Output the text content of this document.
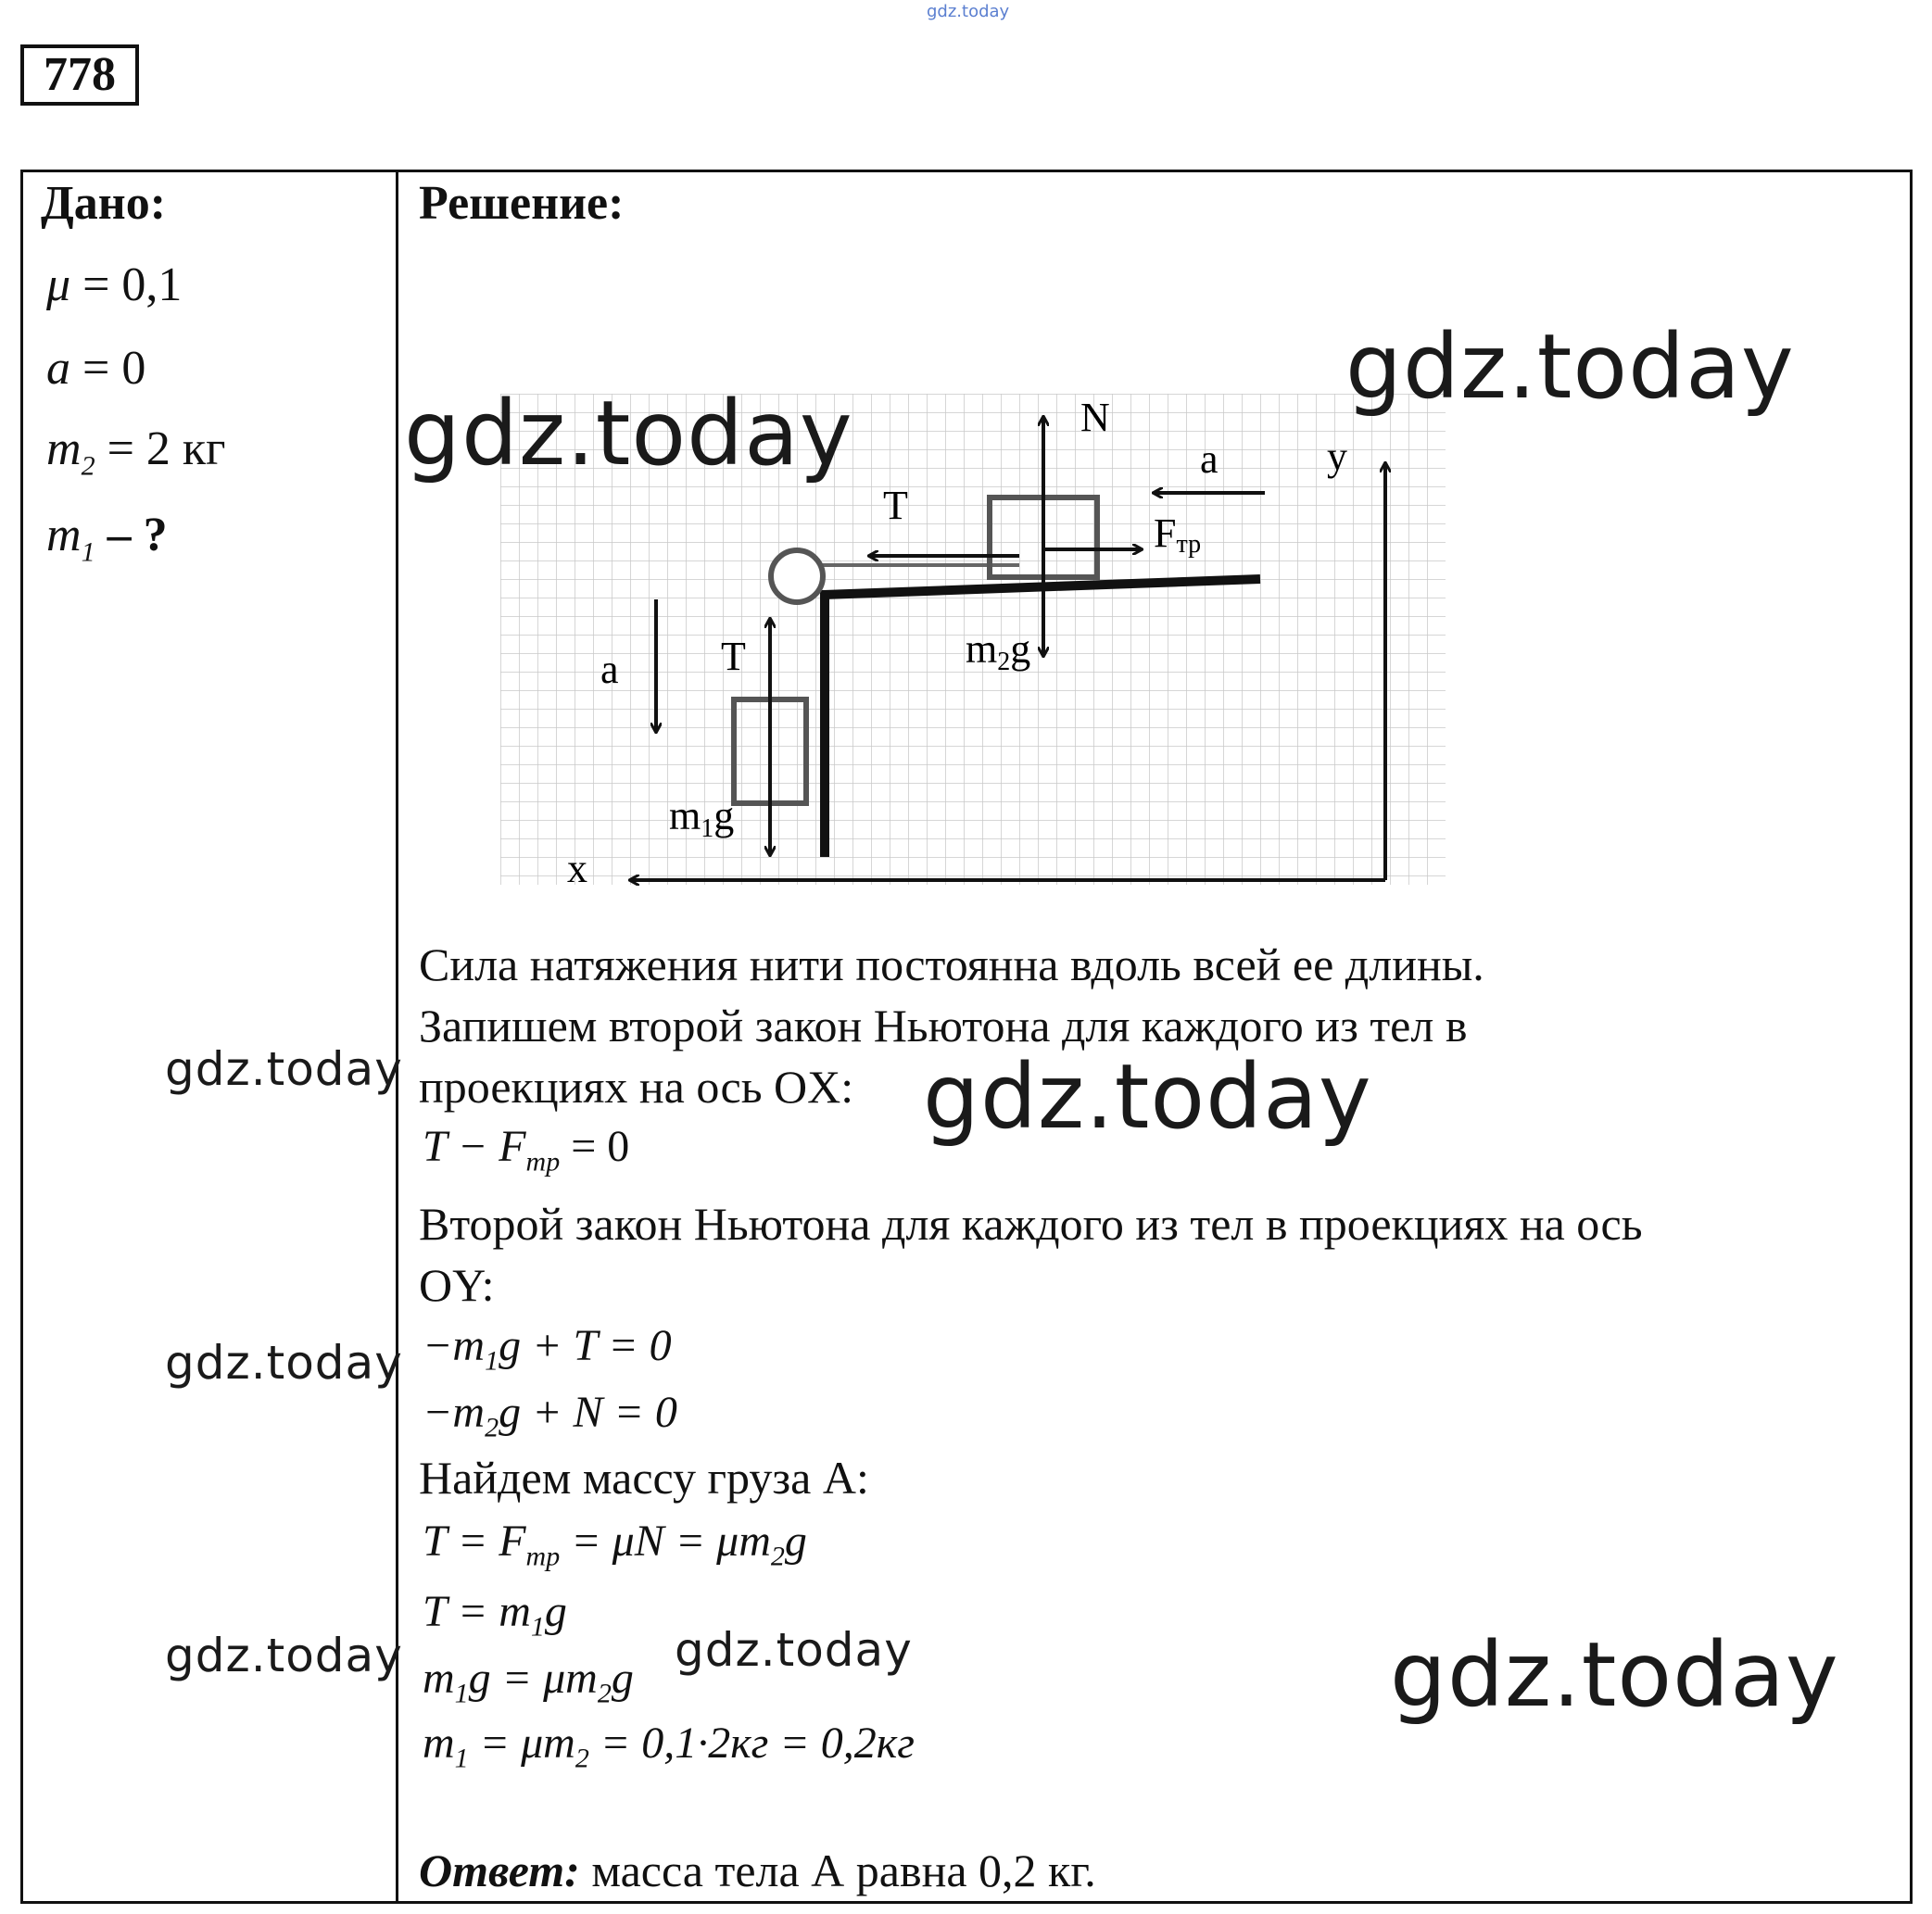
gdz.today
778
Дано:
μ = 0,1
a = 0
$m_2 = 2$ кг
$m_1$ – ?
Решение:
N
a	y
T
Fтр
m2g
a	T
m1g
x
gdz.today
gdz.today
Сила натяжения нити постоянна вдоль всей ее длины.
Запишем второй закон Ньютона для каждого из тел в
проекциях на ось OX:
$T - F_{тр} = 0$
Второй закон Ньютона для каждого из тел в проекциях на ось
OY:
$-m_1g + T = 0$
$-m_2g + N = 0$
Найдем массу груза А:
$T = F_{тр} = \mu N = \mu m_2g$
$T = m_1g$
$m_1g = \mu m_2g$
$m_1 = \mu m_2 = 0,1\cdot 2кг = 0,2кг$
Ответ: масса тела А равна 0,2 кг.
gdz.today
gdz.today
gdz.today
gdz.today	gdz.today	gdz.today
